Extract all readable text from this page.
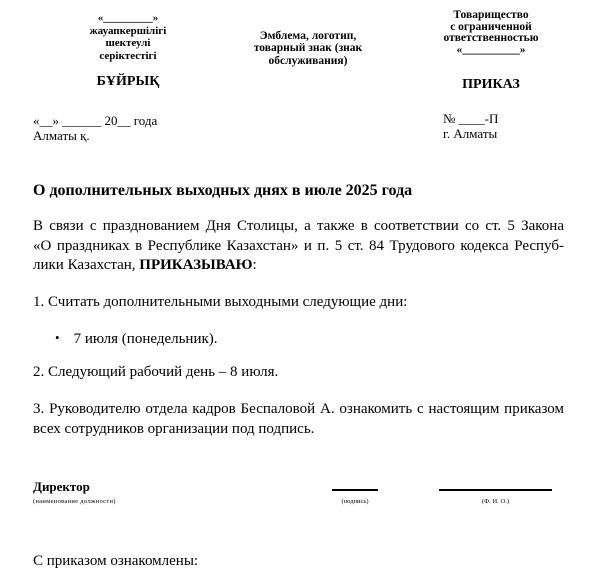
«_________»
жауапкершілігі
шектеулі
серіктестігі
БҰЙРЫҚ
Эмблема, логотип,
товарный знак (знак
обслуживания)
Товарищество
с ограниченной
ответственностью
«__________»
ПРИКАЗ
«__» ______ 20__ года
Алматы қ.
№ ____-П
г. Алматы
О дополнительных выходных днях в июле 2025 года
В связи с празднованием Дня Столицы, а также в соответствии со ст. 5 Закона
«О праздниках в Республике Казахстан» и п. 5 ст. 84 Трудового кодекса Респуб-
лики Казахстан, ПРИКАЗЫВАЮ:
1. Считать дополнительными выходными следующие дни:
• 7 июля (понедельник).
2. Следующий рабочий день – 8 июля.
3. Руководителю отдела кадров Беспаловой А. ознакомить с настоящим приказом
всех сотрудников организации под подпись.
Директор
(наименование должности)	(подпись)	(Ф. И. О.)
С приказом ознакомлены:
